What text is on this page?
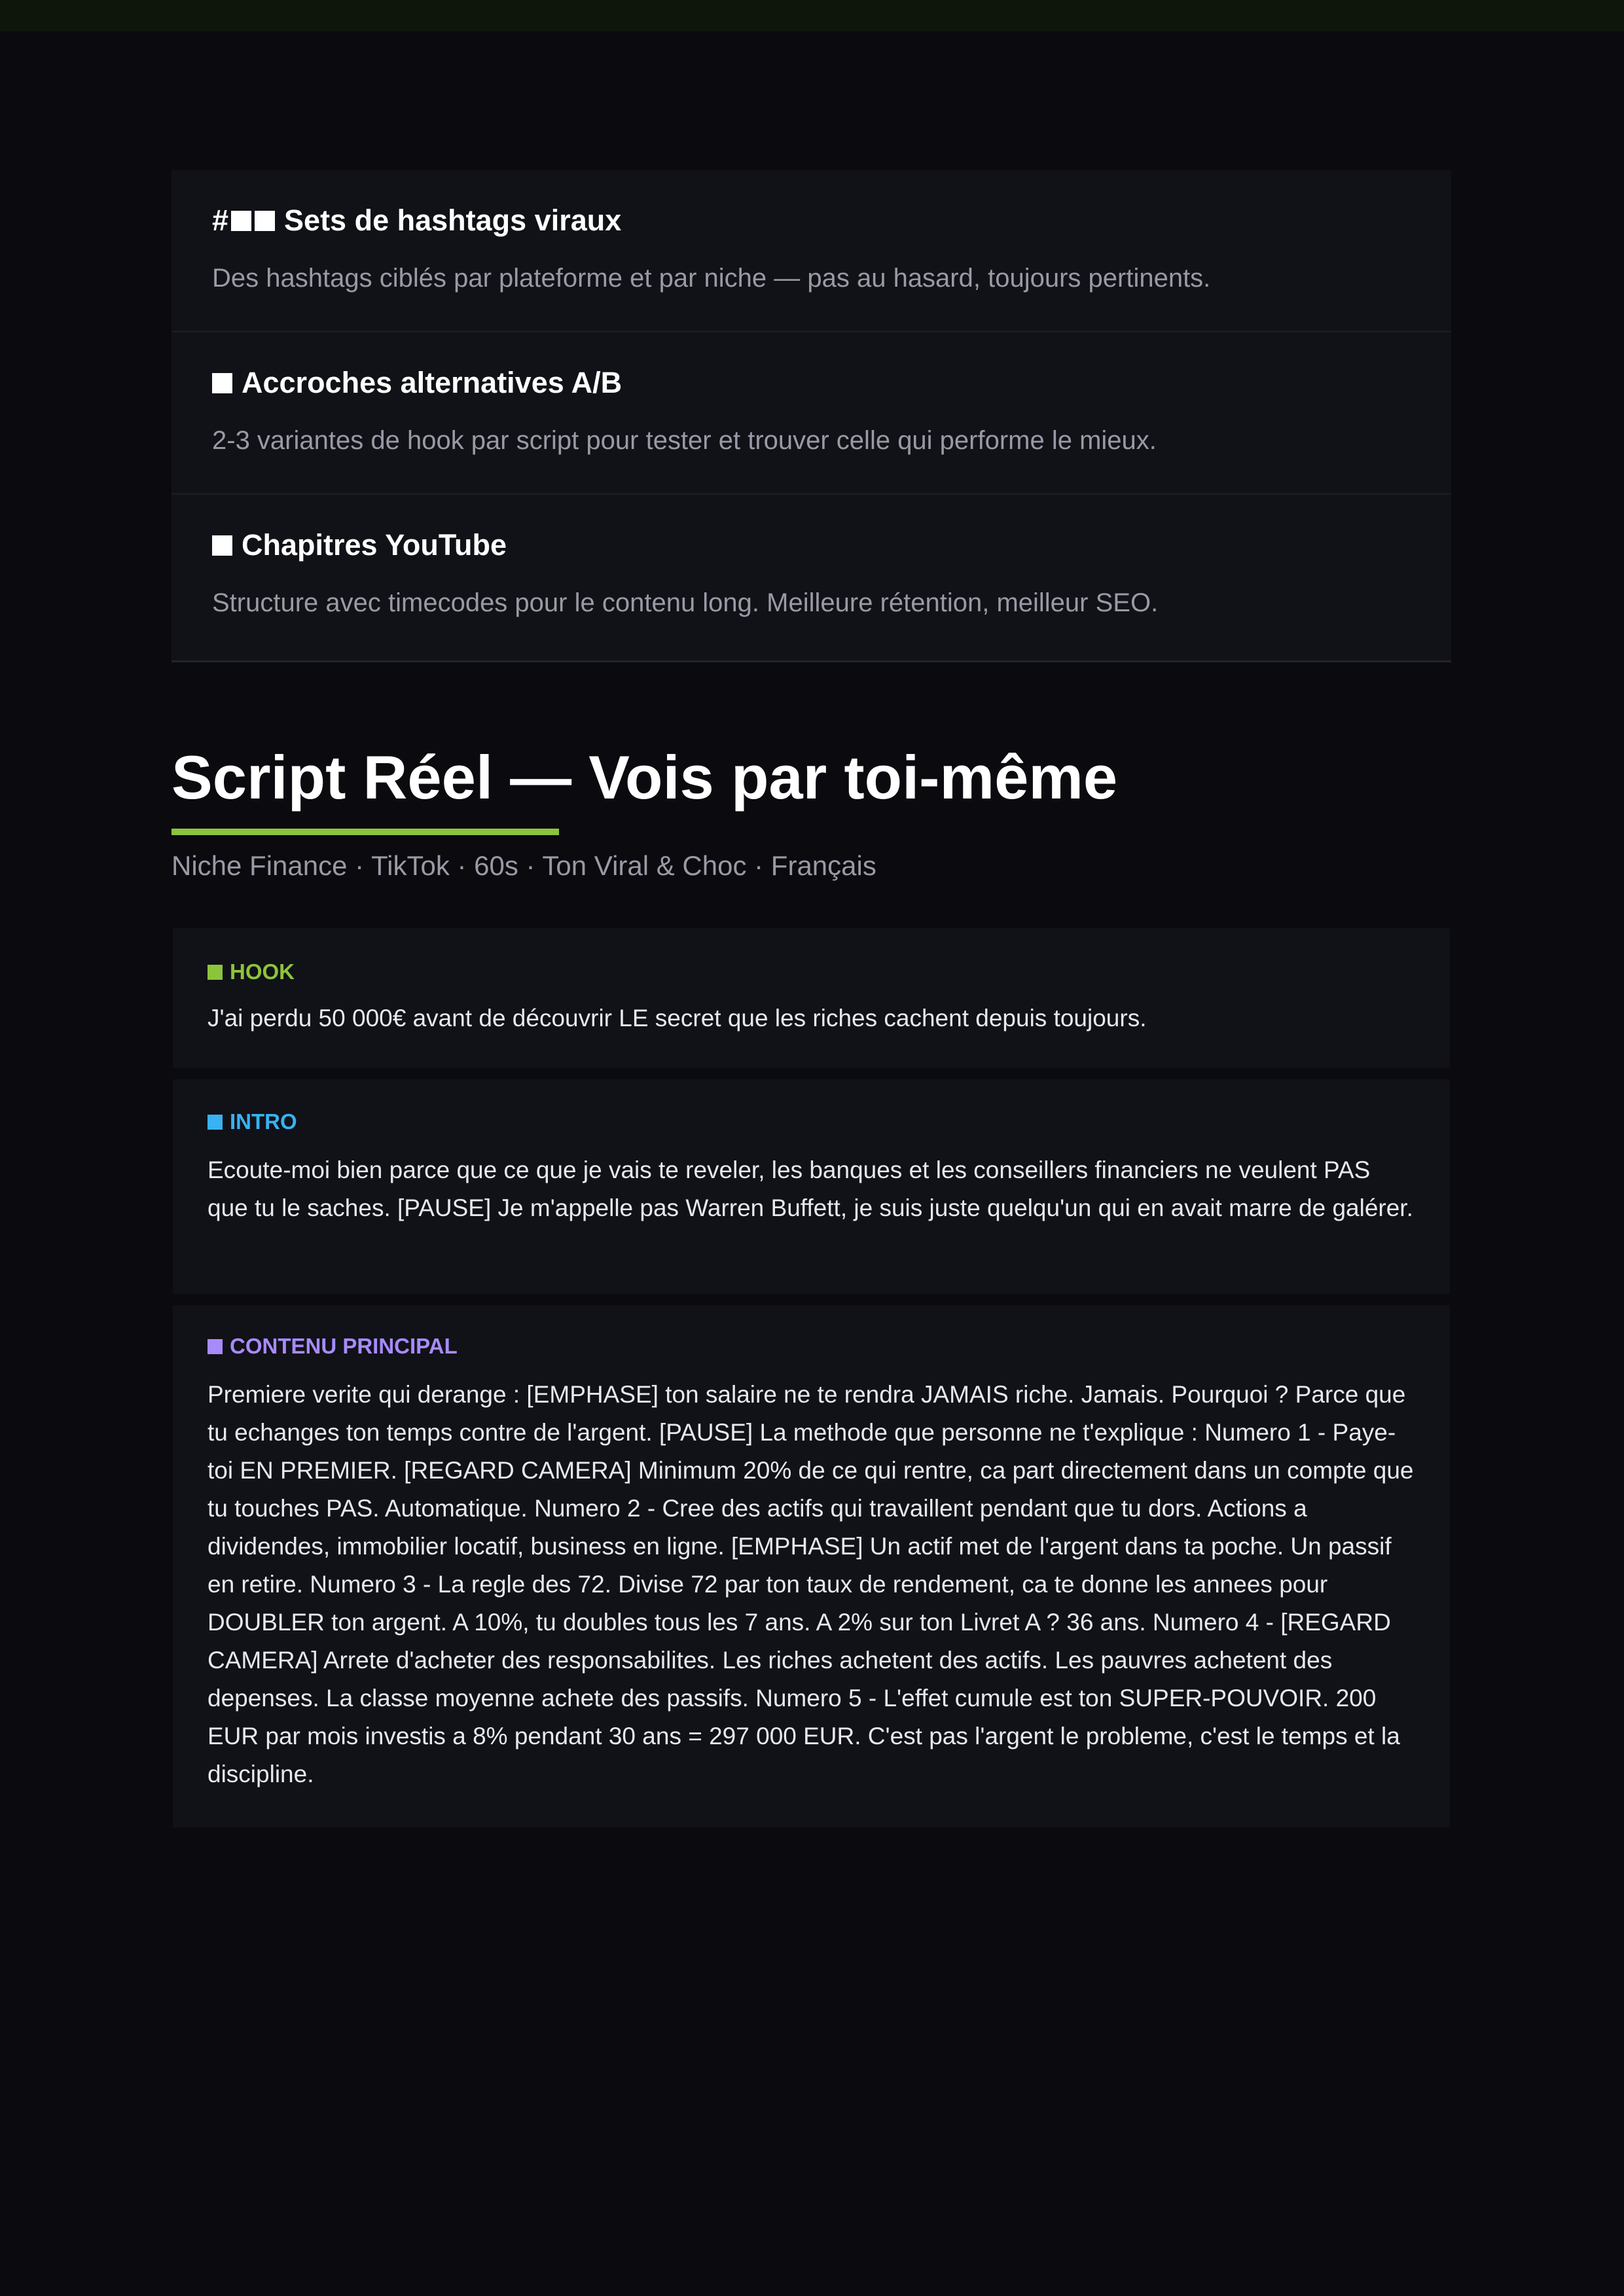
# Sets de hashtags viraux
Des hashtags ciblés par plateforme et par niche — pas au hasard, toujours pertinents.
Accroches alternatives A/B
2-3 variantes de hook par script pour tester et trouver celle qui performe le mieux.
Chapitres YouTube
Structure avec timecodes pour le contenu long. Meilleure rétention, meilleur SEO.
Script Réel — Vois par toi-même
Niche Finance · TikTok · 60s · Ton Viral & Choc · Français
HOOK
J'ai perdu 50 000€ avant de découvrir LE secret que les riches cachent depuis toujours.
INTRO
Ecoute-moi bien parce que ce que je vais te reveler, les banques et les conseillers financiers ne veulent PAS que tu le saches. [PAUSE] Je m'appelle pas Warren Buffett, je suis juste quelqu'un qui en avait marre de galérer.
CONTENU PRINCIPAL
Premiere verite qui derange : [EMPHASE] ton salaire ne te rendra JAMAIS riche. Jamais. Pourquoi ? Parce que tu echanges ton temps contre de l'argent. [PAUSE] La methode que personne ne t'explique : Numero 1 - Paye-toi EN PREMIER. [REGARD CAMERA] Minimum 20% de ce qui rentre, ca part directement dans un compte que tu touches PAS. Automatique. Numero 2 - Cree des actifs qui travaillent pendant que tu dors. Actions a dividendes, immobilier locatif, business en ligne. [EMPHASE] Un actif met de l'argent dans ta poche. Un passif en retire. Numero 3 - La regle des 72. Divise 72 par ton taux de rendement, ca te donne les annees pour DOUBLER ton argent. A 10%, tu doubles tous les 7 ans. A 2% sur ton Livret A ? 36 ans. Numero 4 - [REGARD CAMERA] Arrete d'acheter des responsabilites. Les riches achetent des actifs. Les pauvres achetent des depenses. La classe moyenne achete des passifs. Numero 5 - L'effet cumule est ton SUPER-POUVOIR. 200 EUR par mois investis a 8% pendant 30 ans = 297 000 EUR. C'est pas l'argent le probleme, c'est le temps et la discipline.
